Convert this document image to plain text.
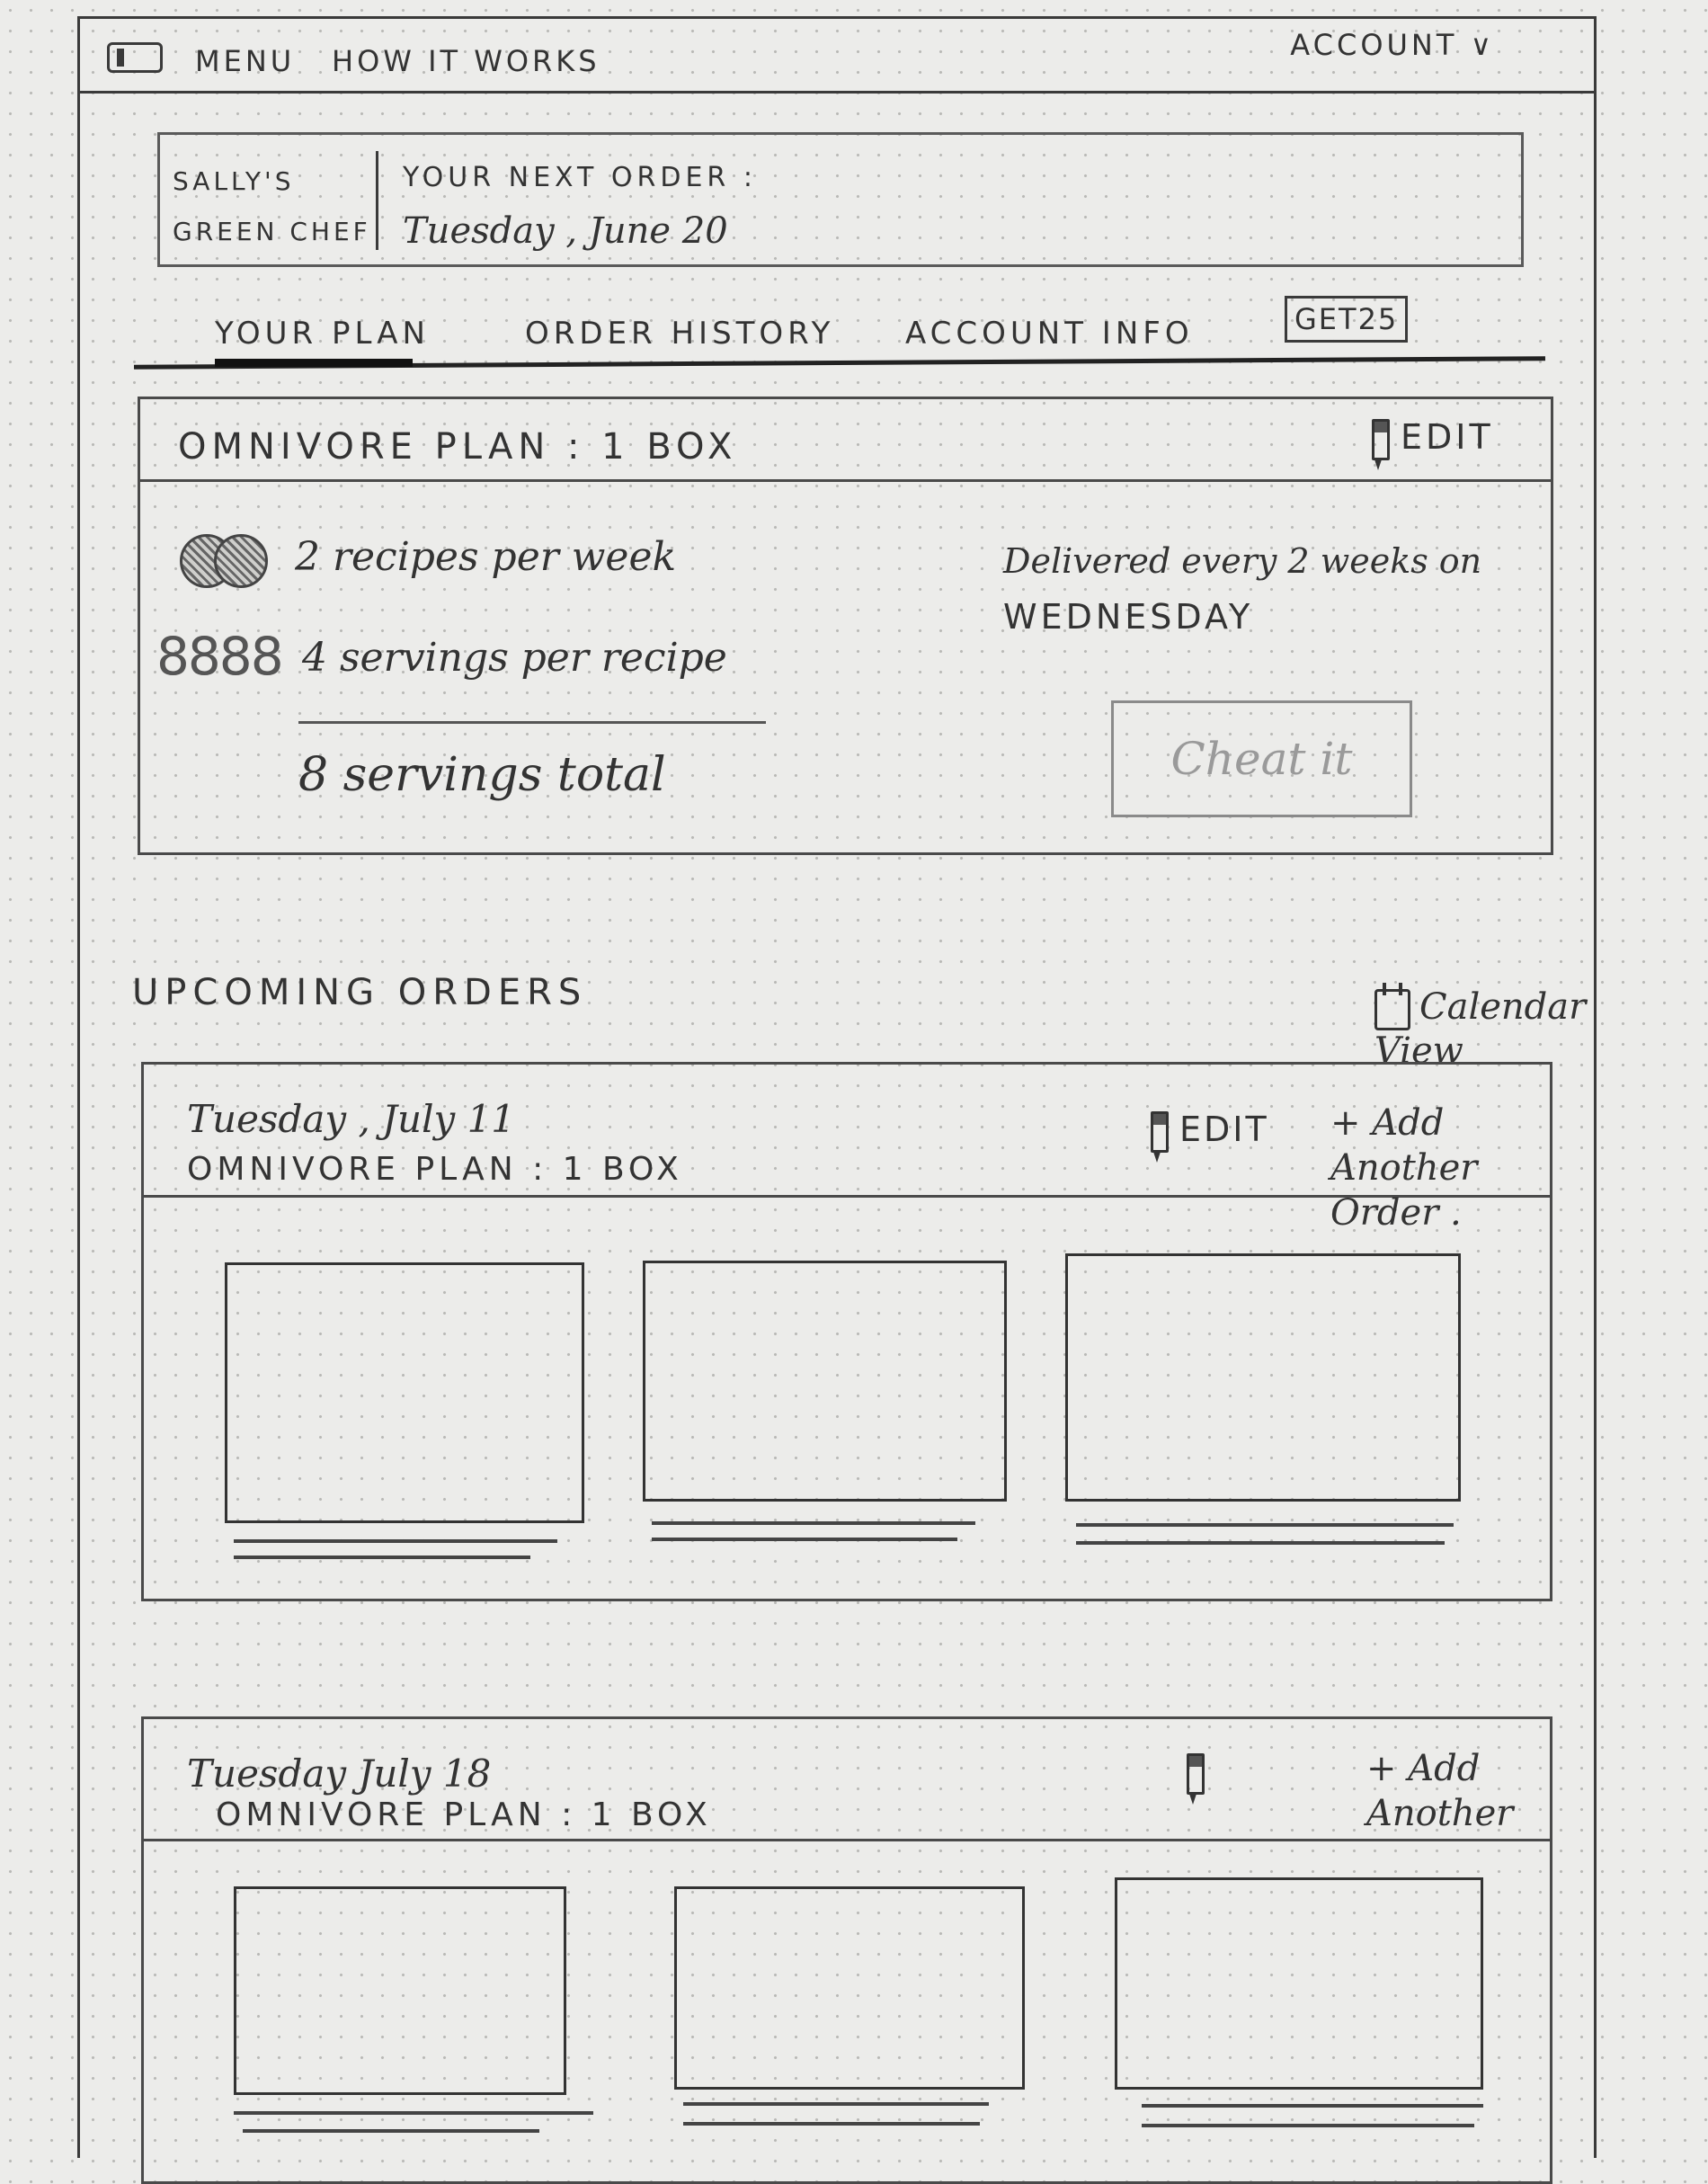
MENU HOW IT WORKS	ACCOUNT ∨
SALLY'S
GREEN CHEF
YOUR NEXT ORDER :
Tuesday , June 20
YOUR PLAN	ORDER HISTORY ACCOUNT INFO	GET25
OMNIVORE PLAN : 1 BOX	EDIT
2 recipes per week
8888 4 servings per recipe
8 servings total
Delivered every 2 weeks on
WEDNESDAY
Cheat it
UPCOMING ORDERS	Calendar View
Tuesday , July 11
OMNIVORE PLAN : 1 BOX
EDIT + Add Another Order .
Tuesday July 18
OMNIVORE PLAN : 1 BOX
+ Add Another
